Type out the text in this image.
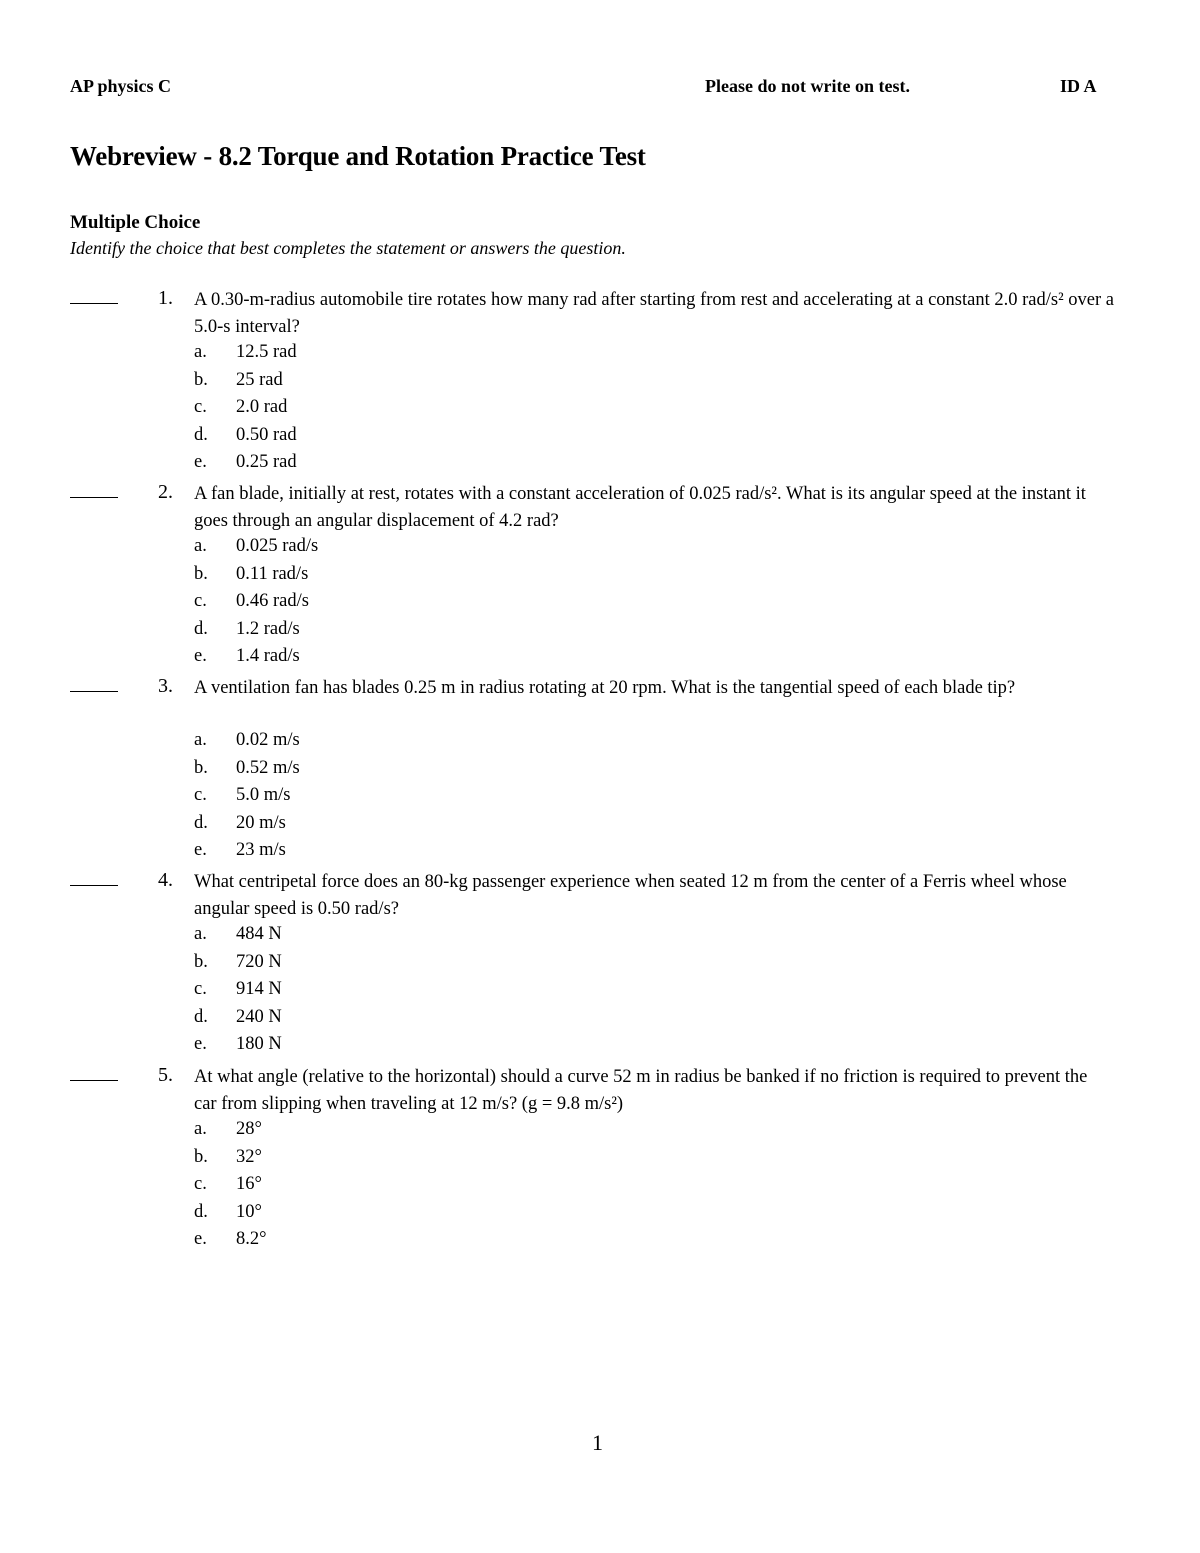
AP physics C	Please do not write on test.	ID A
Webreview - 8.2 Torque and Rotation Practice Test
Multiple Choice
Identify the choice that best completes the statement or answers the question.
1. A 0.30-m-radius automobile tire rotates how many rad after starting from rest and accelerating at a constant 2.0 rad/s² over a 5.0-s interval?
a.	12.5 rad
b.	25 rad
c.	2.0 rad
d.	0.50 rad
e.	0.25 rad
2. A fan blade, initially at rest, rotates with a constant acceleration of 0.025 rad/s². What is its angular speed at the instant it goes through an angular displacement of 4.2 rad?
a.	0.025 rad/s
b.	0.11 rad/s
c.	0.46 rad/s
d.	1.2 rad/s
e.	1.4 rad/s
3. A ventilation fan has blades 0.25 m in radius rotating at 20 rpm. What is the tangential speed of each blade tip?
a.	0.02 m/s
b.	0.52 m/s
c.	5.0 m/s
d.	20 m/s
e.	23 m/s
4. What centripetal force does an 80-kg passenger experience when seated 12 m from the center of a Ferris wheel whose angular speed is 0.50 rad/s?
a.	484 N
b.	720 N
c.	914 N
d.	240 N
e.	180 N
5. At what angle (relative to the horizontal) should a curve 52 m in radius be banked if no friction is required to prevent the car from slipping when traveling at 12 m/s? (g = 9.8 m/s²)
a.	28°
b.	32°
c.	16°
d.	10°
e.	8.2°
1
